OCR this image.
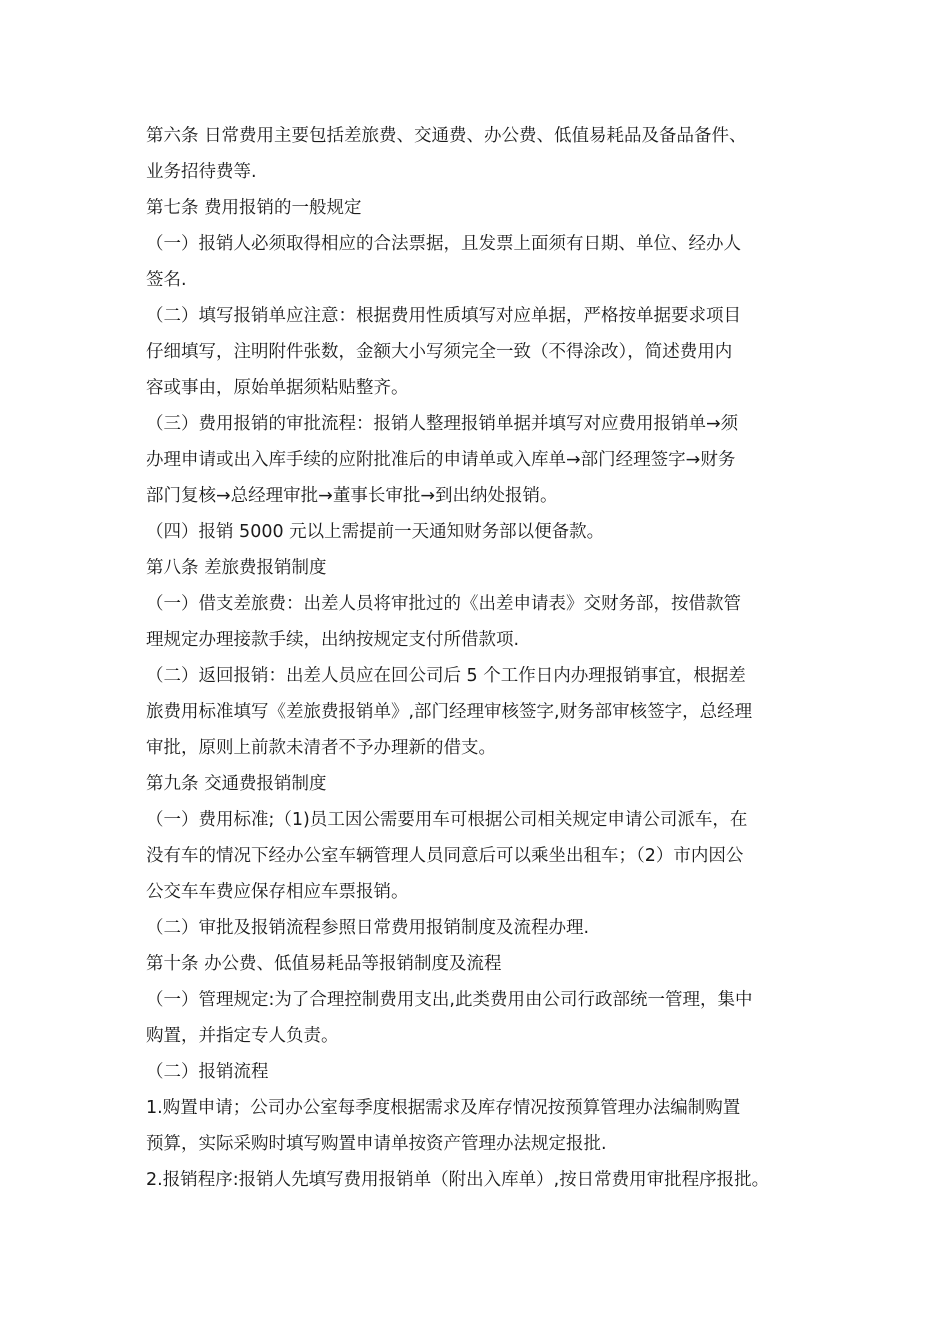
第六条 日常费用主要包括差旅费、交通费、办公费、低值易耗品及备品备件、
业务招待费等.

第七条 费用报销的一般规定

（一）报销人必须取得相应的合法票据，且发票上面须有日期、单位、经办人
签名.

（二）填写报销单应注意：根据费用性质填写对应单据，严格按单据要求项目
仔细填写，注明附件张数，金额大小写须完全一致（不得涂改），简述费用内
容或事由，原始单据须粘贴整齐。

（三）费用报销的审批流程：报销人整理报销单据并填写对应费用报销单→须
办理申请或出入库手续的应附批准后的申请单或入库单→部门经理签字→财务
部门复核→总经理审批→董事长审批→到出纳处报销。

（四）报销 5000 元以上需提前一天通知财务部以便备款。

第八条 差旅费报销制度

（一）借支差旅费：出差人员将审批过的《出差申请表》交财务部，按借款管
理规定办理接款手续，出纳按规定支付所借款项.

（二）返回报销：出差人员应在回公司后 5 个工作日内办理报销事宜，根据差
旅费用标准填写《差旅费报销单》,部门经理审核签字,财务部审核签字，总经理
审批，原则上前款未清者不予办理新的借支。

第九条 交通费报销制度

（一）费用标准;（1)员工因公需要用车可根据公司相关规定申请公司派车，在
没有车的情况下经办公室车辆管理人员同意后可以乘坐出租车；（2）市内因公
公交车车费应保存相应车票报销。

（二）审批及报销流程参照日常费用报销制度及流程办理.

第十条 办公费、低值易耗品等报销制度及流程

（一）管理规定:为了合理控制费用支出,此类费用由公司行政部统一管理，集中
购置，并指定专人负责。

（二）报销流程

1.购置申请；公司办公室每季度根据需求及库存情况按预算管理办法编制购置
预算，实际采购时填写购置申请单按资产管理办法规定报批.

2.报销程序:报销人先填写费用报销单（附出入库单）,按日常费用审批程序报批。
